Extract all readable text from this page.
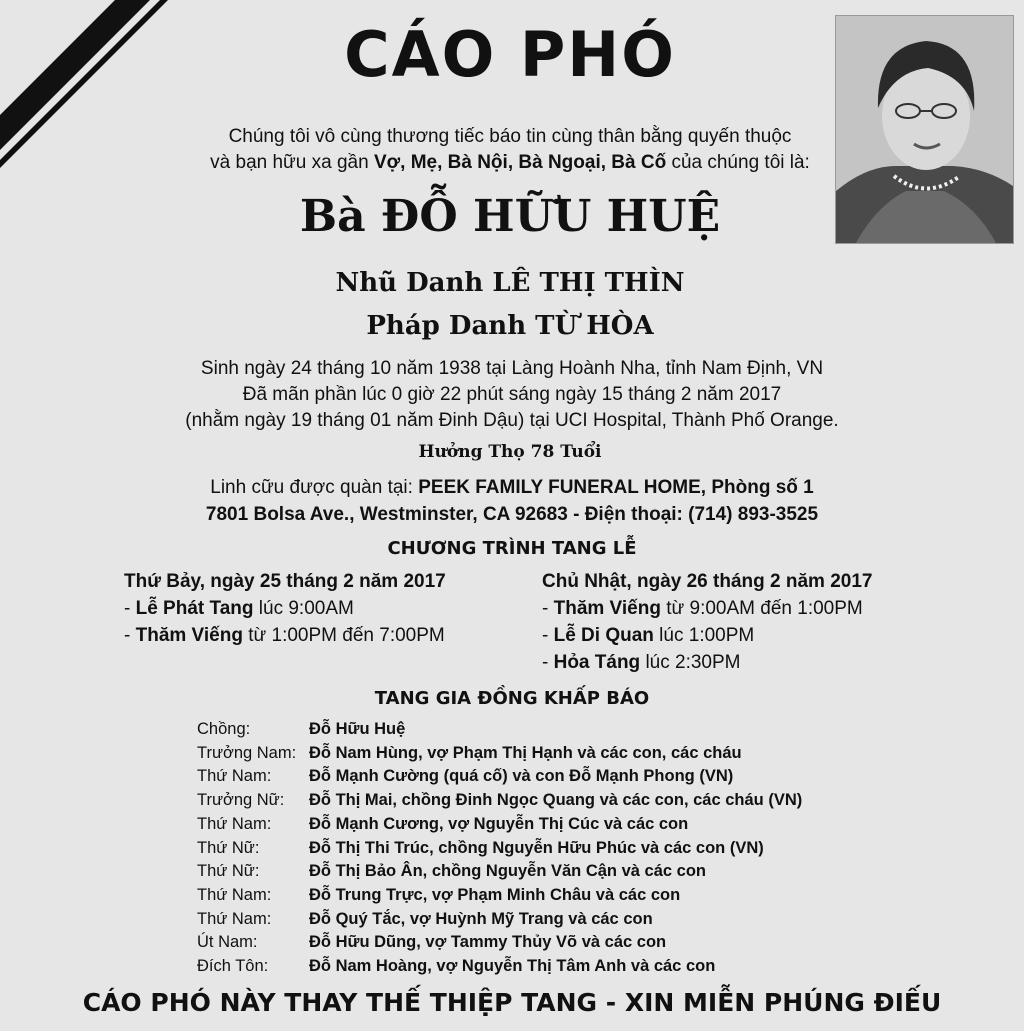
CÁO PHÓ
Chúng tôi vô cùng thương tiếc báo tin cùng thân bằng quyến thuộc
và bạn hữu xa gần Vợ, Mẹ, Bà Nội, Bà Ngoại, Bà Cố của chúng tôi là:
Bà ĐỖ HỮU HUỆ
Nhũ Danh LÊ THỊ THÌN
Pháp Danh TỪ HÒA
Sinh ngày 24 tháng 10 năm 1938 tại Làng Hoành Nha, tỉnh Nam Định, VN
Đã mãn phần lúc 0 giờ 22 phút sáng ngày 15 tháng 2 năm 2017
(nhằm ngày 19 tháng 01 năm Đinh Dậu) tại UCI Hospital, Thành Phố Orange.
Hưởng Thọ 78 Tuổi
Linh cữu được quàn tại: PEEK FAMILY FUNERAL HOME, Phòng số 1
7801 Bolsa Ave., Westminster, CA 92683 - Điện thoại: (714) 893-3525
CHƯƠNG TRÌNH TANG LỄ
Thứ Bảy, ngày 25 tháng 2 năm 2017
- Lễ Phát Tang lúc 9:00AM
- Thăm Viếng từ 1:00PM đến 7:00PM
Chủ Nhật, ngày 26 tháng 2 năm 2017
- Thăm Viếng từ 9:00AM đến 1:00PM
- Lễ Di Quan lúc 1:00PM
- Hỏa Táng lúc 2:30PM
TANG GIA ĐỒNG KHẤP BÁO
Chồng:	Đỗ Hữu Huệ
Trưởng Nam: Đỗ Nam Hùng, vợ Phạm Thị Hạnh và các con, các cháu
Thứ Nam:	Đỗ Mạnh Cường (quá cố) và con Đỗ Mạnh Phong (VN)
Trưởng Nữ:	Đỗ Thị Mai, chồng Đinh Ngọc Quang và các con, các cháu (VN)
Thứ Nam:	Đỗ Mạnh Cương, vợ Nguyễn Thị Cúc và các con
Thứ Nữ:	Đỗ Thị Thi Trúc, chồng Nguyễn Hữu Phúc và các con (VN)
Thứ Nữ:	Đỗ Thị Bảo Ân, chồng Nguyễn Văn Cận và các con
Thứ Nam:	Đỗ Trung Trực, vợ Phạm Minh Châu và các con
Thứ Nam:	Đỗ Quý Tắc, vợ Huỳnh Mỹ Trang và các con
Út Nam:	Đỗ Hữu Dũng, vợ Tammy Thủy Võ và các con
Đích Tôn:	Đỗ Nam Hoàng, vợ Nguyễn Thị Tâm Anh và các con
CÁO PHÓ NÀY THAY THẾ THIỆP TANG - XIN MIỄN PHÚNG ĐIẾU
